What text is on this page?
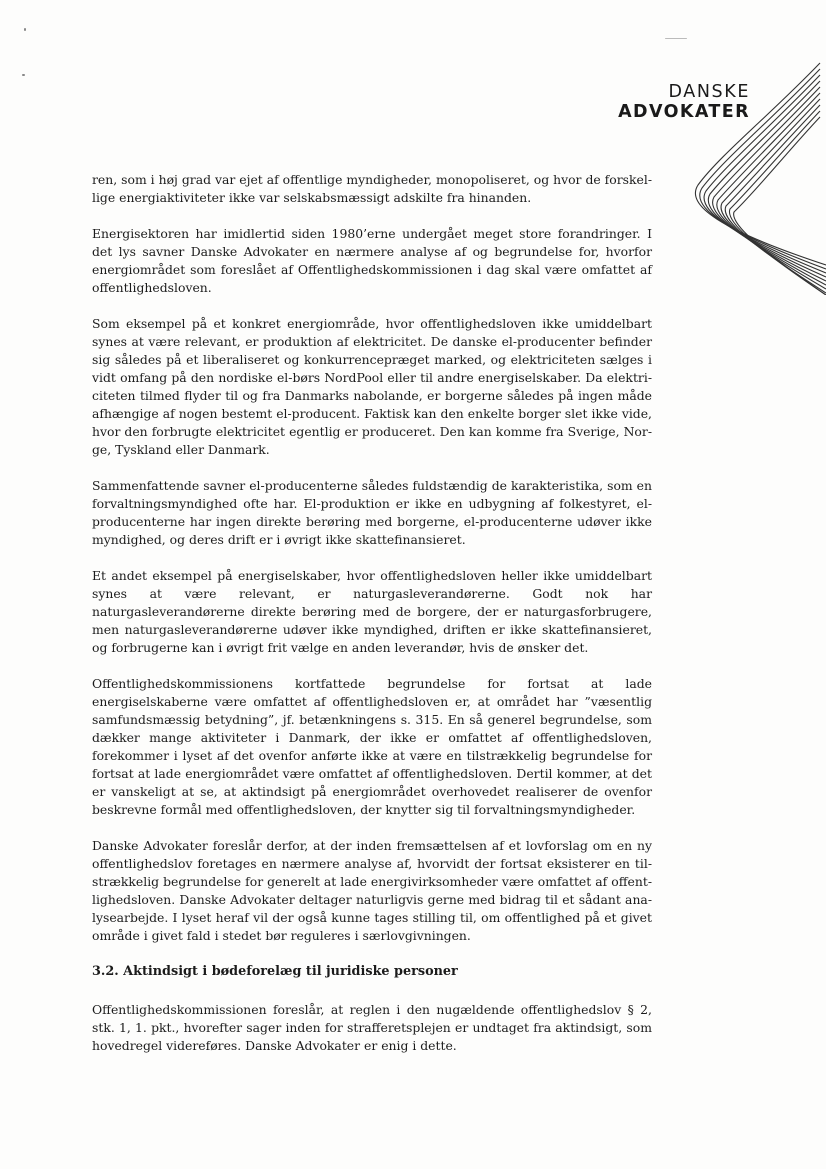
DANSKE
ADVOKATER

ren, som i høj grad var ejet af offentlige myndigheder, monopoliseret, og hvor de forskellige energiaktiviteter ikke var selskabsmæssigt adskilte fra hinanden.

Energisektoren har imidlertid siden 1980’erne undergået meget store forandringer. I det lys savner Danske Advokater en nærmere analyse af og begrundelse for, hvorfor energiområdet som foreslået af Offentlighedskommissionen i dag skal være omfattet af offentlighedsloven.

Som eksempel på et konkret energiområde, hvor offentlighedsloven ikke umiddelbart synes at være relevant, er produktion af elektricitet. De danske el-producenter befinder sig således på et liberaliseret og konkurrencepræget marked, og elektriciteten sælges i vidt omfang på den nordiske el-børs NordPool eller til andre energiselskaber. Da elektriciteten tilmed flyder til og fra Danmarks nabolande, er borgerne således på ingen måde afhængige af nogen bestemt el-producent. Faktisk kan den enkelte borger slet ikke vide, hvor den forbrugte elektricitet egentlig er produceret. Den kan komme fra Sverige, Norge, Tyskland eller Danmark.

Sammenfattende savner el-producenterne således fuldstændig de karakteristika, som en forvaltningsmyndighed ofte har. El-produktion er ikke en udbygning af folkestyret, elproducenterne har ingen direkte berøring med borgerne, el-producenterne udøver ikke myndighed, og deres drift er i øvrigt ikke skattefinansieret.

Et andet eksempel på energiselskaber, hvor offentlighedsloven heller ikke umiddelbart synes at være relevant, er naturgasleverandørerne. Godt nok har naturgasleverandørerne direkte berøring med de borgere, der er naturgasforbrugere, men naturgasleverandørerne udøver ikke myndighed, driften er ikke skattefinansieret, og forbrugerne kan i øvrigt frit vælge en anden leverandør, hvis de ønsker det.

Offentlighedskommissionens kortfattede begrundelse for fortsat at lade energiselskaberne være omfattet af offentlighedsloven er, at området har ”væsentlig samfundsmæssig betydning”, jf. betænkningens s. 315. En så generel begrundelse, som dækker mange aktiviteter i Danmark, der ikke er omfattet af offentlighedsloven, forekommer i lyset af det ovenfor anførte ikke at være en tilstrækkelig begrundelse for fortsat at lade energiområdet være omfattet af offentlighedsloven. Dertil kommer, at det er vanskeligt at se, at aktindsigt på energiområdet overhovedet realiserer de ovenfor beskrevne formål med offentlighedsloven, der knytter sig til forvaltningsmyndigheder.

Danske Advokater foreslår derfor, at der inden fremsættelsen af et lovforslag om en ny offentlighedslov foretages en nærmere analyse af, hvorvidt der fortsat eksisterer en tilstrækkelig begrundelse for generelt at lade energivirksomheder være omfattet af offentlighedsloven. Danske Advokater deltager naturligvis gerne med bidrag til et sådant analysearbejde. I lyset heraf vil der også kunne tages stilling til, om offentlighed på et givet område i givet fald i stedet bør reguleres i særlovgivningen.

3.2. Aktindsigt i bødeforelæg til juridiske personer

Offentlighedskommissionen foreslår, at reglen i den nugældende offentlighedslov § 2, stk. 1, 1. pkt., hvorefter sager inden for strafferetsplejen er undtaget fra aktindsigt, som hovedregel videreføres. Danske Advokater er enig i dette.
